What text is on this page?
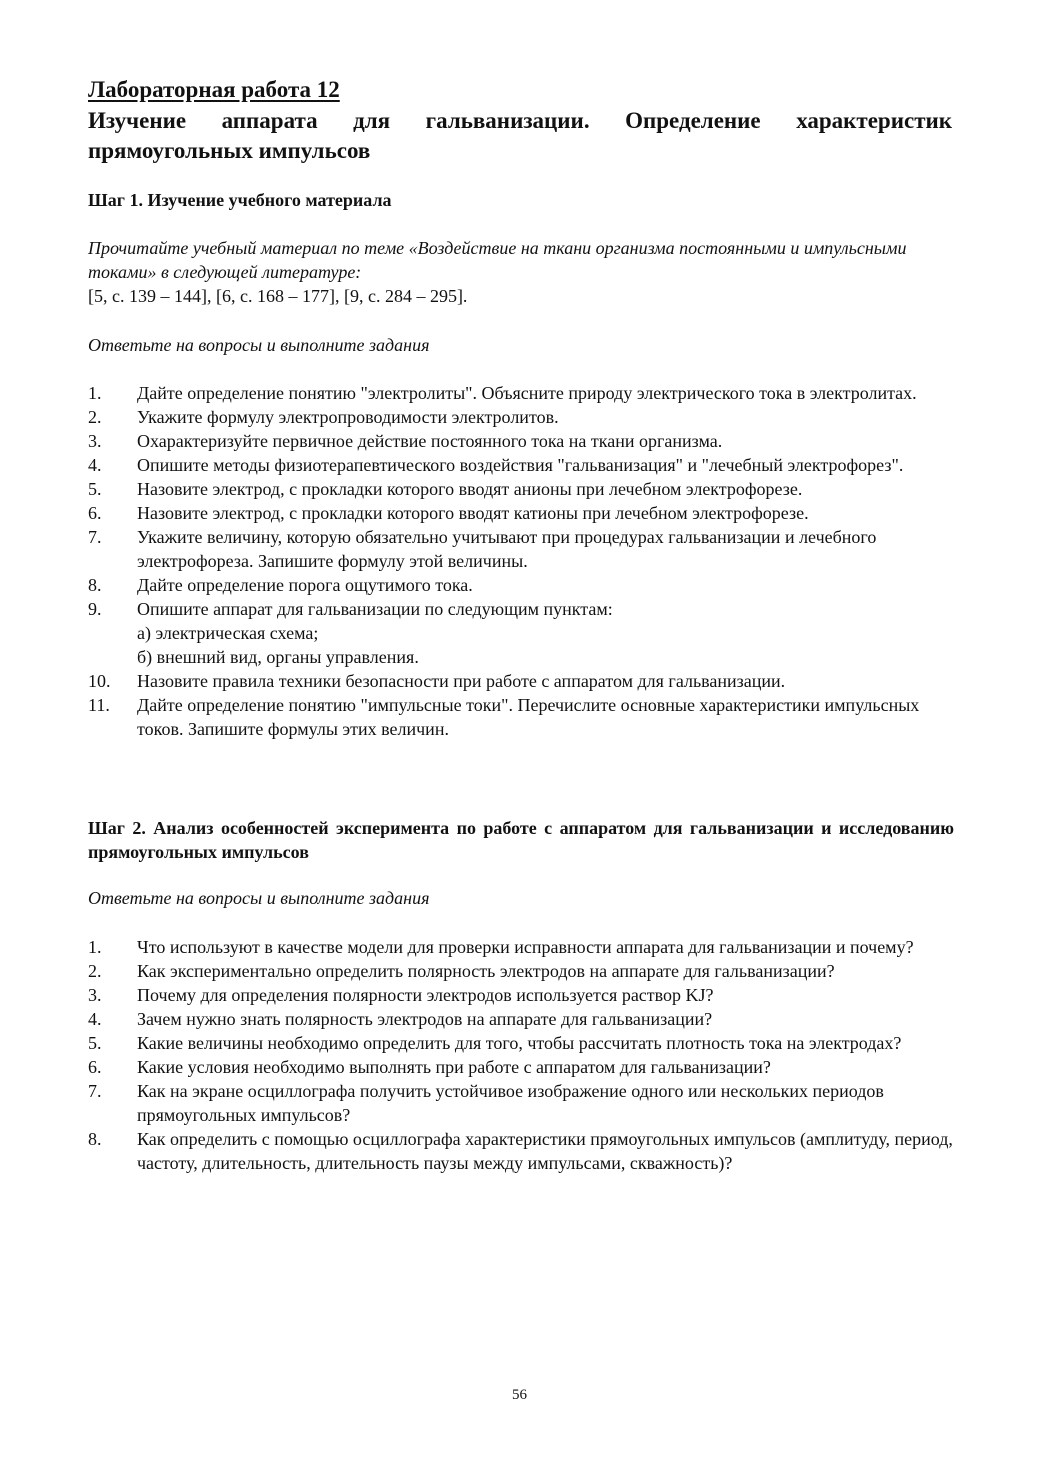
Лабораторная работа 12
Изучение аппарата для гальванизации. Определение характеристик прямоугольных импульсов
Шаг 1. Изучение учебного материала
Прочитайте учебный материал по теме «Воздействие на ткани организма постоянными и импульсными токами» в следующей литературе:
[5, с. 139 – 144], [6, с. 168 – 177], [9, с. 284 – 295].
Ответьте на вопросы и выполните задания
1. Дайте определение понятию "электролиты". Объясните природу электрического тока в электролитах.
2. Укажите формулу электропроводимости электролитов.
3. Охарактеризуйте первичное действие постоянного тока на ткани организма.
4. Опишите методы физиотерапевтического воздействия "гальванизация" и "лечебный электрофорез".
5. Назовите электрод, с прокладки которого вводят анионы при лечебном электрофорезе.
6. Назовите электрод, с прокладки которого вводят катионы при лечебном электрофорезе.
7. Укажите величину, которую обязательно учитывают при процедурах гальванизации и лечебного электрофореза. Запишите формулу этой величины.
8. Дайте определение порога ощутимого тока.
9. Опишите аппарат для гальванизации по следующим пунктам:
а) электрическая схема;
б) внешний вид, органы управления.
10. Назовите правила техники безопасности при работе с аппаратом для гальванизации.
11. Дайте определение понятию "импульсные токи". Перечислите основные характеристики импульсных токов. Запишите формулы этих величин.
Шаг 2. Анализ особенностей эксперимента по работе с аппаратом для гальванизации и исследованию прямоугольных импульсов
Ответьте на вопросы и выполните задания
1. Что используют в качестве модели для проверки исправности аппарата для гальванизации и почему?
2. Как экспериментально определить полярность электродов на аппарате для гальванизации?
3. Почему для определения полярности электродов используется раствор KJ?
4. Зачем нужно знать полярность электродов на аппарате для гальванизации?
5. Какие величины необходимо определить для того, чтобы рассчитать плотность тока на электродах?
6. Какие условия необходимо выполнять при работе с аппаратом для гальванизации?
7. Как на экране осциллографа получить устойчивое изображение одного или нескольких периодов прямоугольных импульсов?
8. Как определить с помощью осциллографа характеристики прямоугольных импульсов (амплитуду, период, частоту, длительность, длительность паузы между импульсами, скважность)?
56
